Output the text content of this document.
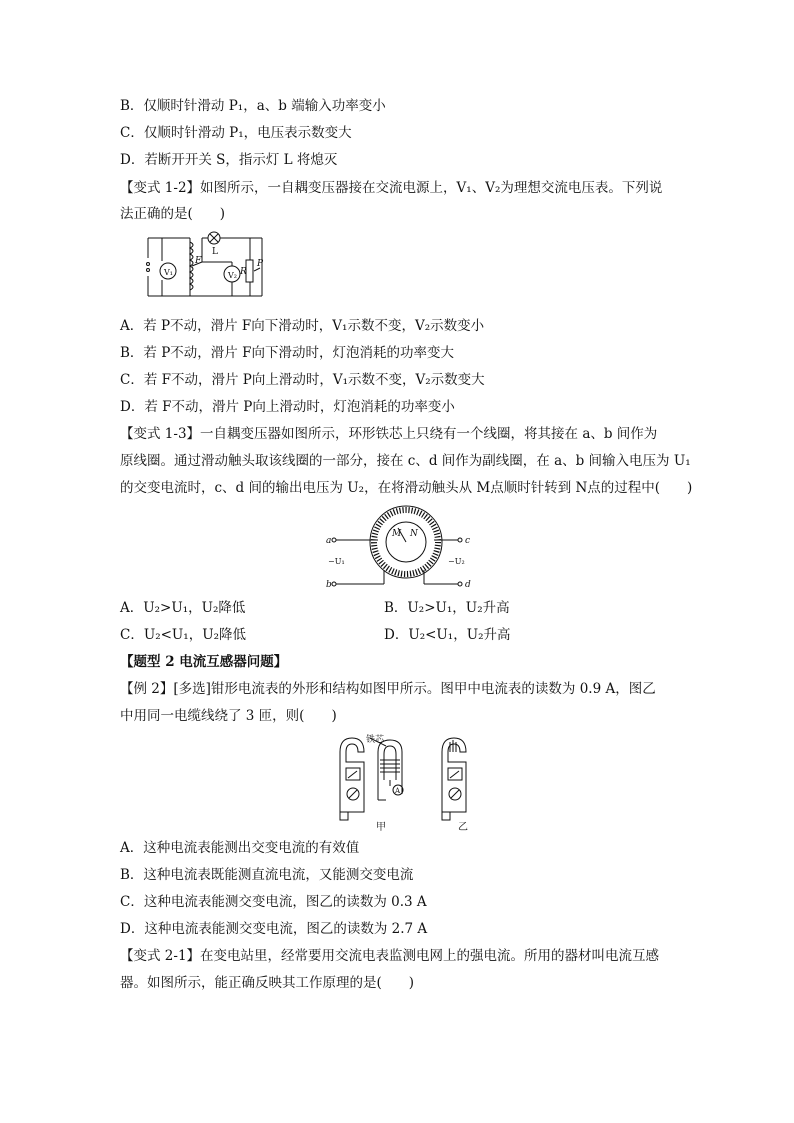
B．仅顺时针滑动 P₁，a、b 端输入功率变小
C．仅顺时针滑动 P₁，电压表示数变大
D．若断开开关 S，指示灯 L 将熄灭
【变式 1-2】如图所示，一自耦变压器接在交流电源上，V₁、V₂为理想交流电压表。下列说
法正确的是(　　)
V₁	V₂
F
L
R
P
A．若 P不动，滑片 F向下滑动时，V₁示数不变，V₂示数变小
B．若 P不动，滑片 F向下滑动时，灯泡消耗的功率变大
C．若 F不动，滑片 P向上滑动时，V₁示数不变，V₂示数变大
D．若 F不动，滑片 P向上滑动时，灯泡消耗的功率变小
【变式 1-3】一自耦变压器如图所示，环形铁芯上只绕有一个线圈，将其接在 a、b 间作为
原线圈。通过滑动触头取该线圈的一部分，接在 c、d 间作为副线圈，在 a、b 间输入电压为 U₁
的交变电流时，c、d 间的输出电压为 U₂，在将滑动触头从 M点顺时针转到 N点的过程中(　　)
a
b
c
d
−U₁	−U₂
M N
A．U₂>U₁，U₂降低	B．U₂>U₁，U₂升高
C．U₂<U₁，U₂降低	D．U₂<U₁，U₂升高
【题型 2 电流互感器问题】
【例 2】[多选]钳形电流表的外形和结构如图甲所示。图甲中电流表的读数为 0.9 A，图乙
中用同一电缆线绕了 3 匝，则(　　)
铁芯
A
甲	乙
A．这种电流表能测出交变电流的有效值
B．这种电流表既能测直流电流，又能测交变电流
C．这种电流表能测交变电流，图乙的读数为 0.3 A
D．这种电流表能测交变电流，图乙的读数为 2.7 A
【变式 2-1】在变电站里，经常要用交流电表监测电网上的强电流。所用的器材叫电流互感
器。如图所示，能正确反映其工作原理的是(　　)
